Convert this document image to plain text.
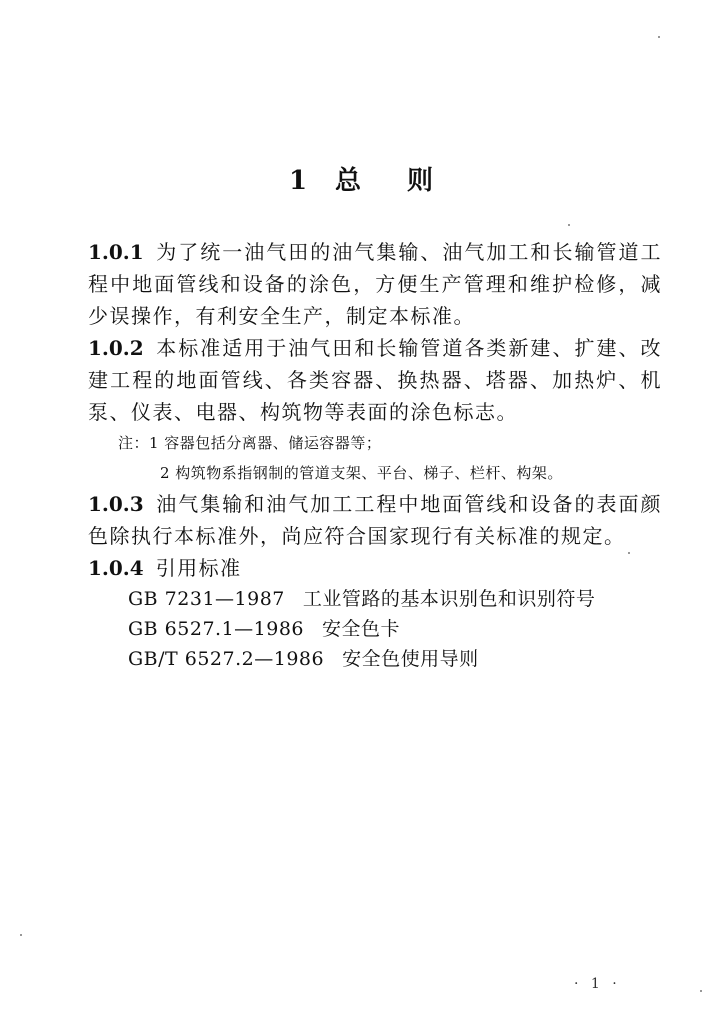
1 总 则

1.0.1 为了统一油气田的油气集输、油气加工和长输管道工程中地面管线和设备的涂色，方便生产管理和维护检修，减少误操作，有利安全生产，制定本标准。

1.0.2 本标准适用于油气田和长输管道各类新建、扩建、改建工程的地面管线、各类容器、换热器、塔器、加热炉、机泵、仪表、电器、构筑物等表面的涂色标志。

注：1 容器包括分离器、储运容器等；

2 构筑物系指钢制的管道支架、平台、梯子、栏杆、构架。

1.0.3 油气集输和油气加工工程中地面管线和设备的表面颜色除执行本标准外，尚应符合国家现行有关标准的规定。

1.0.4 引用标准

GB 7231—1987 工业管路的基本识别色和识别符号

GB 6527.1—1986 安全色卡

GB/T 6527.2—1986 安全色使用导则

· 1 ·
